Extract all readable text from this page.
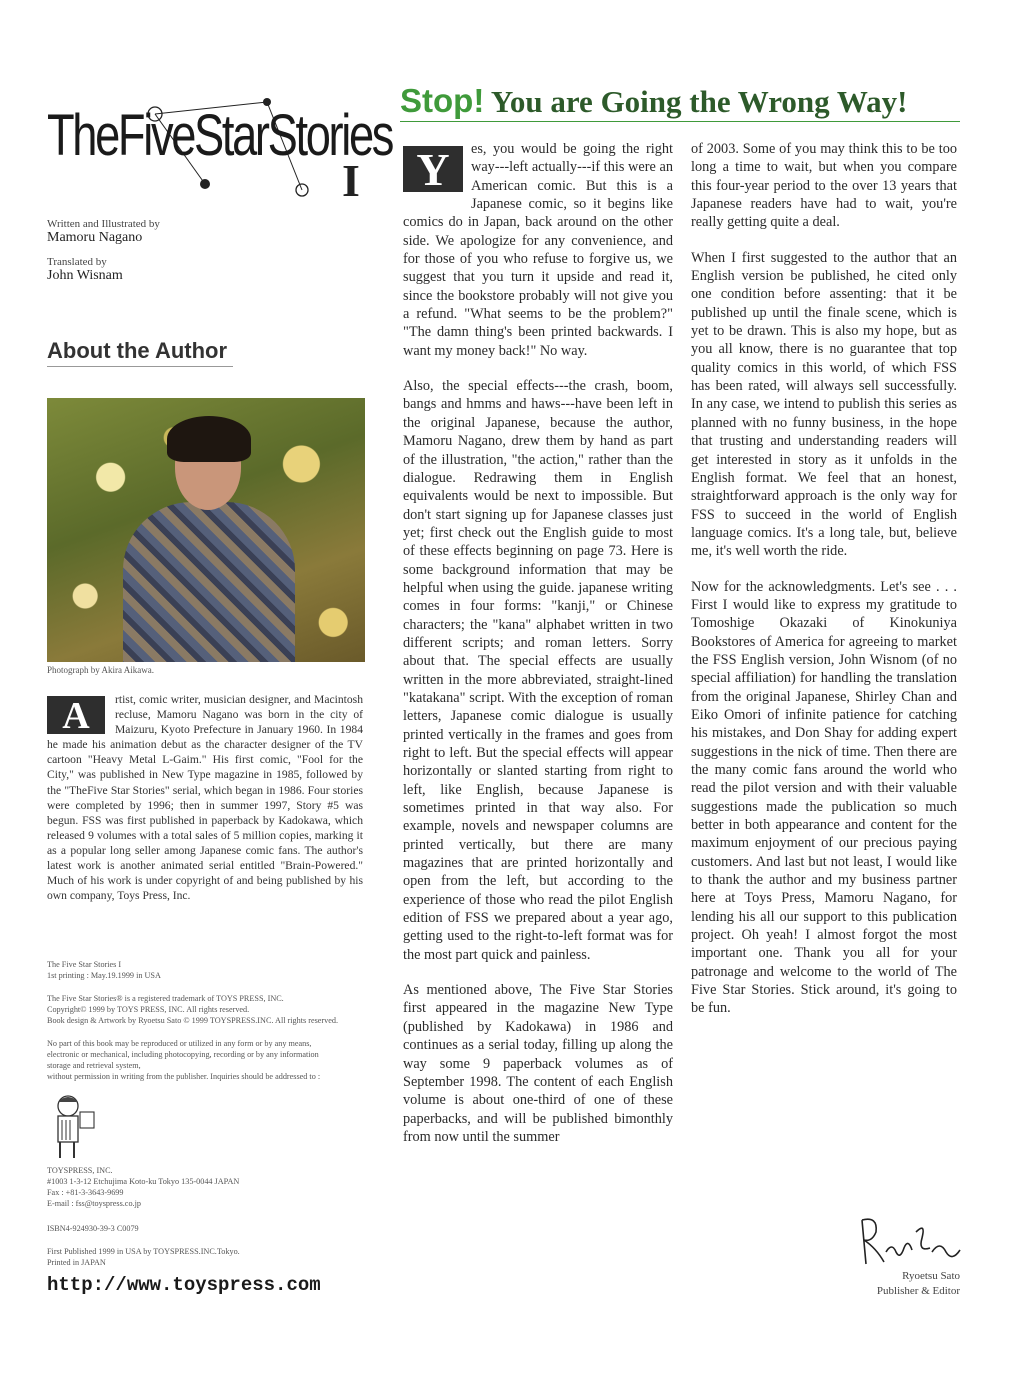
TheFiveStarStories
I

Written and Illustrated by

Mamoru Nagano

Translated by

John Wisnam

About the Author

Photograph by Akira Aikawa.

A	rtist, comic writer, musician designer, and Macintosh recluse, Mamoru Nagano was born in the city of Maizuru, Kyoto Prefecture in January 1960. In 1984 he made his animation debut as the character designer of the TV cartoon "Heavy Metal L-Gaim." His first comic, "Fool for the City," was published in New Type magazine in 1985, followed by the "TheFive Star Stories" serial, which began in 1986. Four stories were completed by 1996; then in summer 1997, Story #5 was begun. FSS was first published in paperback by Kadokawa, which released 9 volumes with a total sales of 5 million copies, marking it as a popular long seller among Japanese comic fans. The author's latest work is another animated serial entitled "Brain-Powered." Much of his work is under copyright of and being published by his own company, Toys Press, Inc.

The Five Star Stories I

1st printing : May.19.1999 in USA

The Five Star Stories® is a registered trademark of TOYS PRESS, INC.

Copyright© 1999 by TOYS PRESS, INC. All rights reserved.

Book design & Artwork by Ryoetsu Sato © 1999 TOYSPRESS.INC. All rights reserved.

No part of this book may be reproduced or utilized in any form or by any means,

electronic or mechanical, including photocopying, recording or by any information

storage and retrieval system,

without permission in writing from the publisher. Inquiries should be addressed to :

TOYSPRESS, INC.

#1003 1-3-12 Etchujima Koto-ku Tokyo 135-0044 JAPAN

Fax : +81-3-3643-9699

E-mail : fss@toyspress.co.jp

ISBN4-924930-39-3 C0079

First Published 1999 in USA by TOYSPRESS.INC.Tokyo.

Printed in JAPAN

http://www.toyspress.com

Stop! You are Going the Wrong Way!

Y	es, you would be going the right way---left actually---if this were an American comic. But this is a Japanese comic, so it begins like comics do in Japan, back around on the other side. We apologize for any convenience, and for those of you who refuse to forgive us, we suggest that you turn it upside and read it, since the bookstore probably will not give you a refund. "What seems to be the problem?" "The damn thing's been printed backwards. I want my money back!" No way.

Also, the special effects---the crash, boom, bangs and hmms and haws---have been left in the original Japanese, because the author, Mamoru Nagano, drew them by hand as part of the illustration, "the action," rather than the dialogue. Redrawing them in English equivalents would be next to impossible. But don't start signing up for Japanese classes just yet; first check out the English guide to most of these effects beginning on page 73. Here is some background information that may be helpful when using the guide. japanese writing comes in four forms: "kanji," or Chinese characters; the "kana" alphabet written in two different scripts; and roman letters. Sorry about that. The special effects are usually written in the more abbreviated, straight-lined "katakana" script. With the exception of roman letters, Japanese comic dialogue is usually printed vertically in the frames and goes from right to left. But the special effects will appear horizontally or slanted starting from right to left, like English, because Japanese is sometimes printed in that way also. For example, novels and newspaper columns are printed vertically, but there are many magazines that are printed horizontally and open from the left, but according to the experience of those who read the pilot English edition of FSS we prepared about a year ago, getting used to the right-to-left format was for the most part quick and painless.

As mentioned above, The Five Star Stories first appeared in the magazine New Type (published by Kadokawa) in 1986 and continues as a serial today, filling up along the way some 9 paperback volumes as of September 1998. The content of each English volume is about one-third of one of these paperbacks, and will be published bimonthly from now until the summer

of 2003. Some of you may think this to be too long a time to wait, but when you compare this four-year period to the over 13 years that Japanese readers have had to wait, you're really getting quite a deal.

When I first suggested to the author that an English version be published, he cited only one condition before assenting: that it be published up until the finale scene, which is yet to be drawn. This is also my hope, but as you all know, there is no guarantee that top quality comics in this world, of which FSS has been rated, will always sell successfully. In any case, we intend to publish this series as planned with no funny business, in the hope that trusting and understanding readers will get interested in story as it unfolds in the English format. We feel that an honest, straightforward approach is the only way for FSS to succeed in the world of English language comics. It's a long tale, but, believe me, it's well worth the ride.

Now for the acknowledgments. Let's see . . . First I would like to express my gratitude to Tomoshige Okazaki of Kinokuniya Bookstores of America for agreeing to market the FSS English version, John Wisnom (of no special affiliation) for handling the translation from the original Japanese, Shirley Chan and Eiko Omori of infinite patience for catching his mistakes, and Don Shay for adding expert suggestions in the nick of time. Then there are the many comic fans around the world who read the pilot version and with their valuable suggestions made the publication so much better in both appearance and content for the maximum enjoyment of our precious paying customers. And last but not least, I would like to thank the author and my business partner here at Toys Press, Mamoru Nagano, for lending his all our support to this publication project. Oh yeah! I almost forgot the most important one. Thank you all for your patronage and welcome to the world of The Five Star Stories. Stick around, it's going to be fun.

Ryoetsu Sato

Publisher & Editor
